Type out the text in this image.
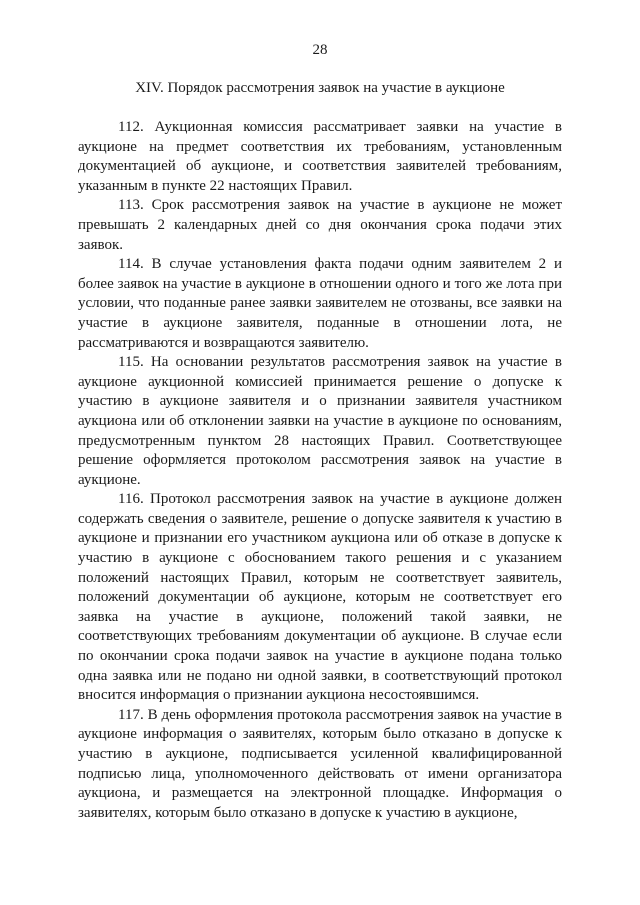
28
XIV. Порядок рассмотрения заявок на участие в аукционе

112. Аукционная комиссия рассматривает заявки на участие в аукционе на предмет соответствия их требованиям, установленным документацией об аукционе, и соответствия заявителей требованиям, указанным в пункте 22 настоящих Правил.

113. Срок рассмотрения заявок на участие в аукционе не может превышать 2 календарных дней со дня окончания срока подачи этих заявок.

114. В случае установления факта подачи одним заявителем 2 и более заявок на участие в аукционе в отношении одного и того же лота при условии, что поданные ранее заявки заявителем не отозваны, все заявки на участие в аукционе заявителя, поданные в отношении лота, не рассматриваются и возвращаются заявителю.

115. На основании результатов рассмотрения заявок на участие в аукционе аукционной комиссией принимается решение о допуске к участию в аукционе заявителя и о признании заявителя участником аукциона или об отклонении заявки на участие в аукционе по основаниям, предусмотренным пунктом 28 настоящих Правил. Соответствующее решение оформляется протоколом рассмотрения заявок на участие в аукционе.

116. Протокол рассмотрения заявок на участие в аукционе должен содержать сведения о заявителе, решение о допуске заявителя к участию в аукционе и признании его участником аукциона или об отказе в допуске к участию в аукционе с обоснованием такого решения и с указанием положений настоящих Правил, которым не соответствует заявитель, положений документации об аукционе, которым не соответствует его заявка на участие в аукционе, положений такой заявки, не соответствующих требованиям документации об аукционе. В случае если по окончании срока подачи заявок на участие в аукционе подана только одна заявка или не подано ни одной заявки, в соответствующий протокол вносится информация о признании аукциона несостоявшимся.

117. В день оформления протокола рассмотрения заявок на участие в аукционе информация о заявителях, которым было отказано в допуске к участию в аукционе, подписывается усиленной квалифицированной подписью лица, уполномоченного действовать от имени организатора аукциона, и размещается на электронной площадке. Информация о заявителях, которым было отказано в допуске к участию в аукционе,
